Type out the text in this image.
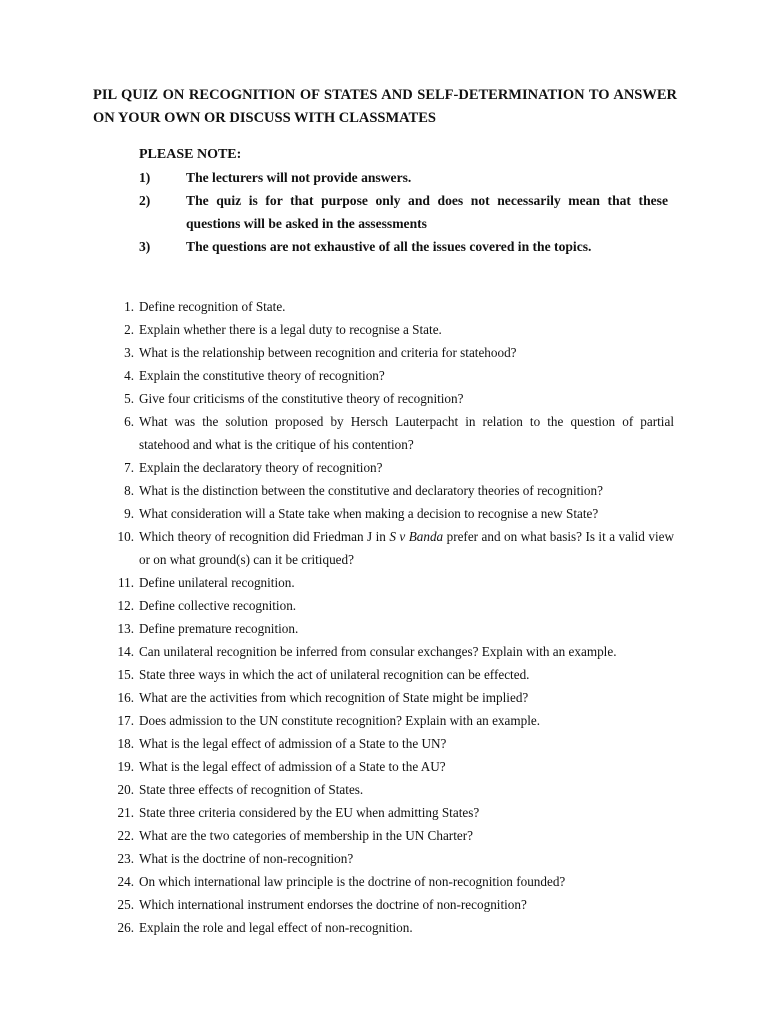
PIL QUIZ ON RECOGNITION OF STATES AND SELF-DETERMINATION TO ANSWER ON YOUR OWN OR DISCUSS WITH CLASSMATES

PLEASE NOTE:

1)	The lecturers will not provide answers.
2)	The quiz is for that purpose only and does not necessarily mean that these questions will be asked in the assessments
3)	The questions are not exhaustive of all the issues covered in the topics.
1. Define recognition of State.
2. Explain whether there is a legal duty to recognise a State.
3. What is the relationship between recognition and criteria for statehood?
4. Explain the constitutive theory of recognition?
5. Give four criticisms of the constitutive theory of recognition?
6. What was the solution proposed by Hersch Lauterpacht in relation to the question of partial statehood and what is the critique of his contention?
7. Explain the declaratory theory of recognition?
8. What is the distinction between the constitutive and declaratory theories of recognition?
9. What consideration will a State take when making a decision to recognise a new State?
10. Which theory of recognition did Friedman J in S v Banda prefer and on what basis? Is it a valid view or on what ground(s) can it be critiqued?
11. Define unilateral recognition.
12. Define collective recognition.
13. Define premature recognition.
14. Can unilateral recognition be inferred from consular exchanges? Explain with an example.
15. State three ways in which the act of unilateral recognition can be effected.
16. What are the activities from which recognition of State might be implied?
17. Does admission to the UN constitute recognition? Explain with an example.
18. What is the legal effect of admission of a State to the UN?
19. What is the legal effect of admission of a State to the AU?
20. State three effects of recognition of States.
21. State three criteria considered by the EU when admitting States?
22. What are the two categories of membership in the UN Charter?
23. What is the doctrine of non-recognition?
24. On which international law principle is the doctrine of non-recognition founded?
25. Which international instrument endorses the doctrine of non-recognition?
26. Explain the role and legal effect of non-recognition.
